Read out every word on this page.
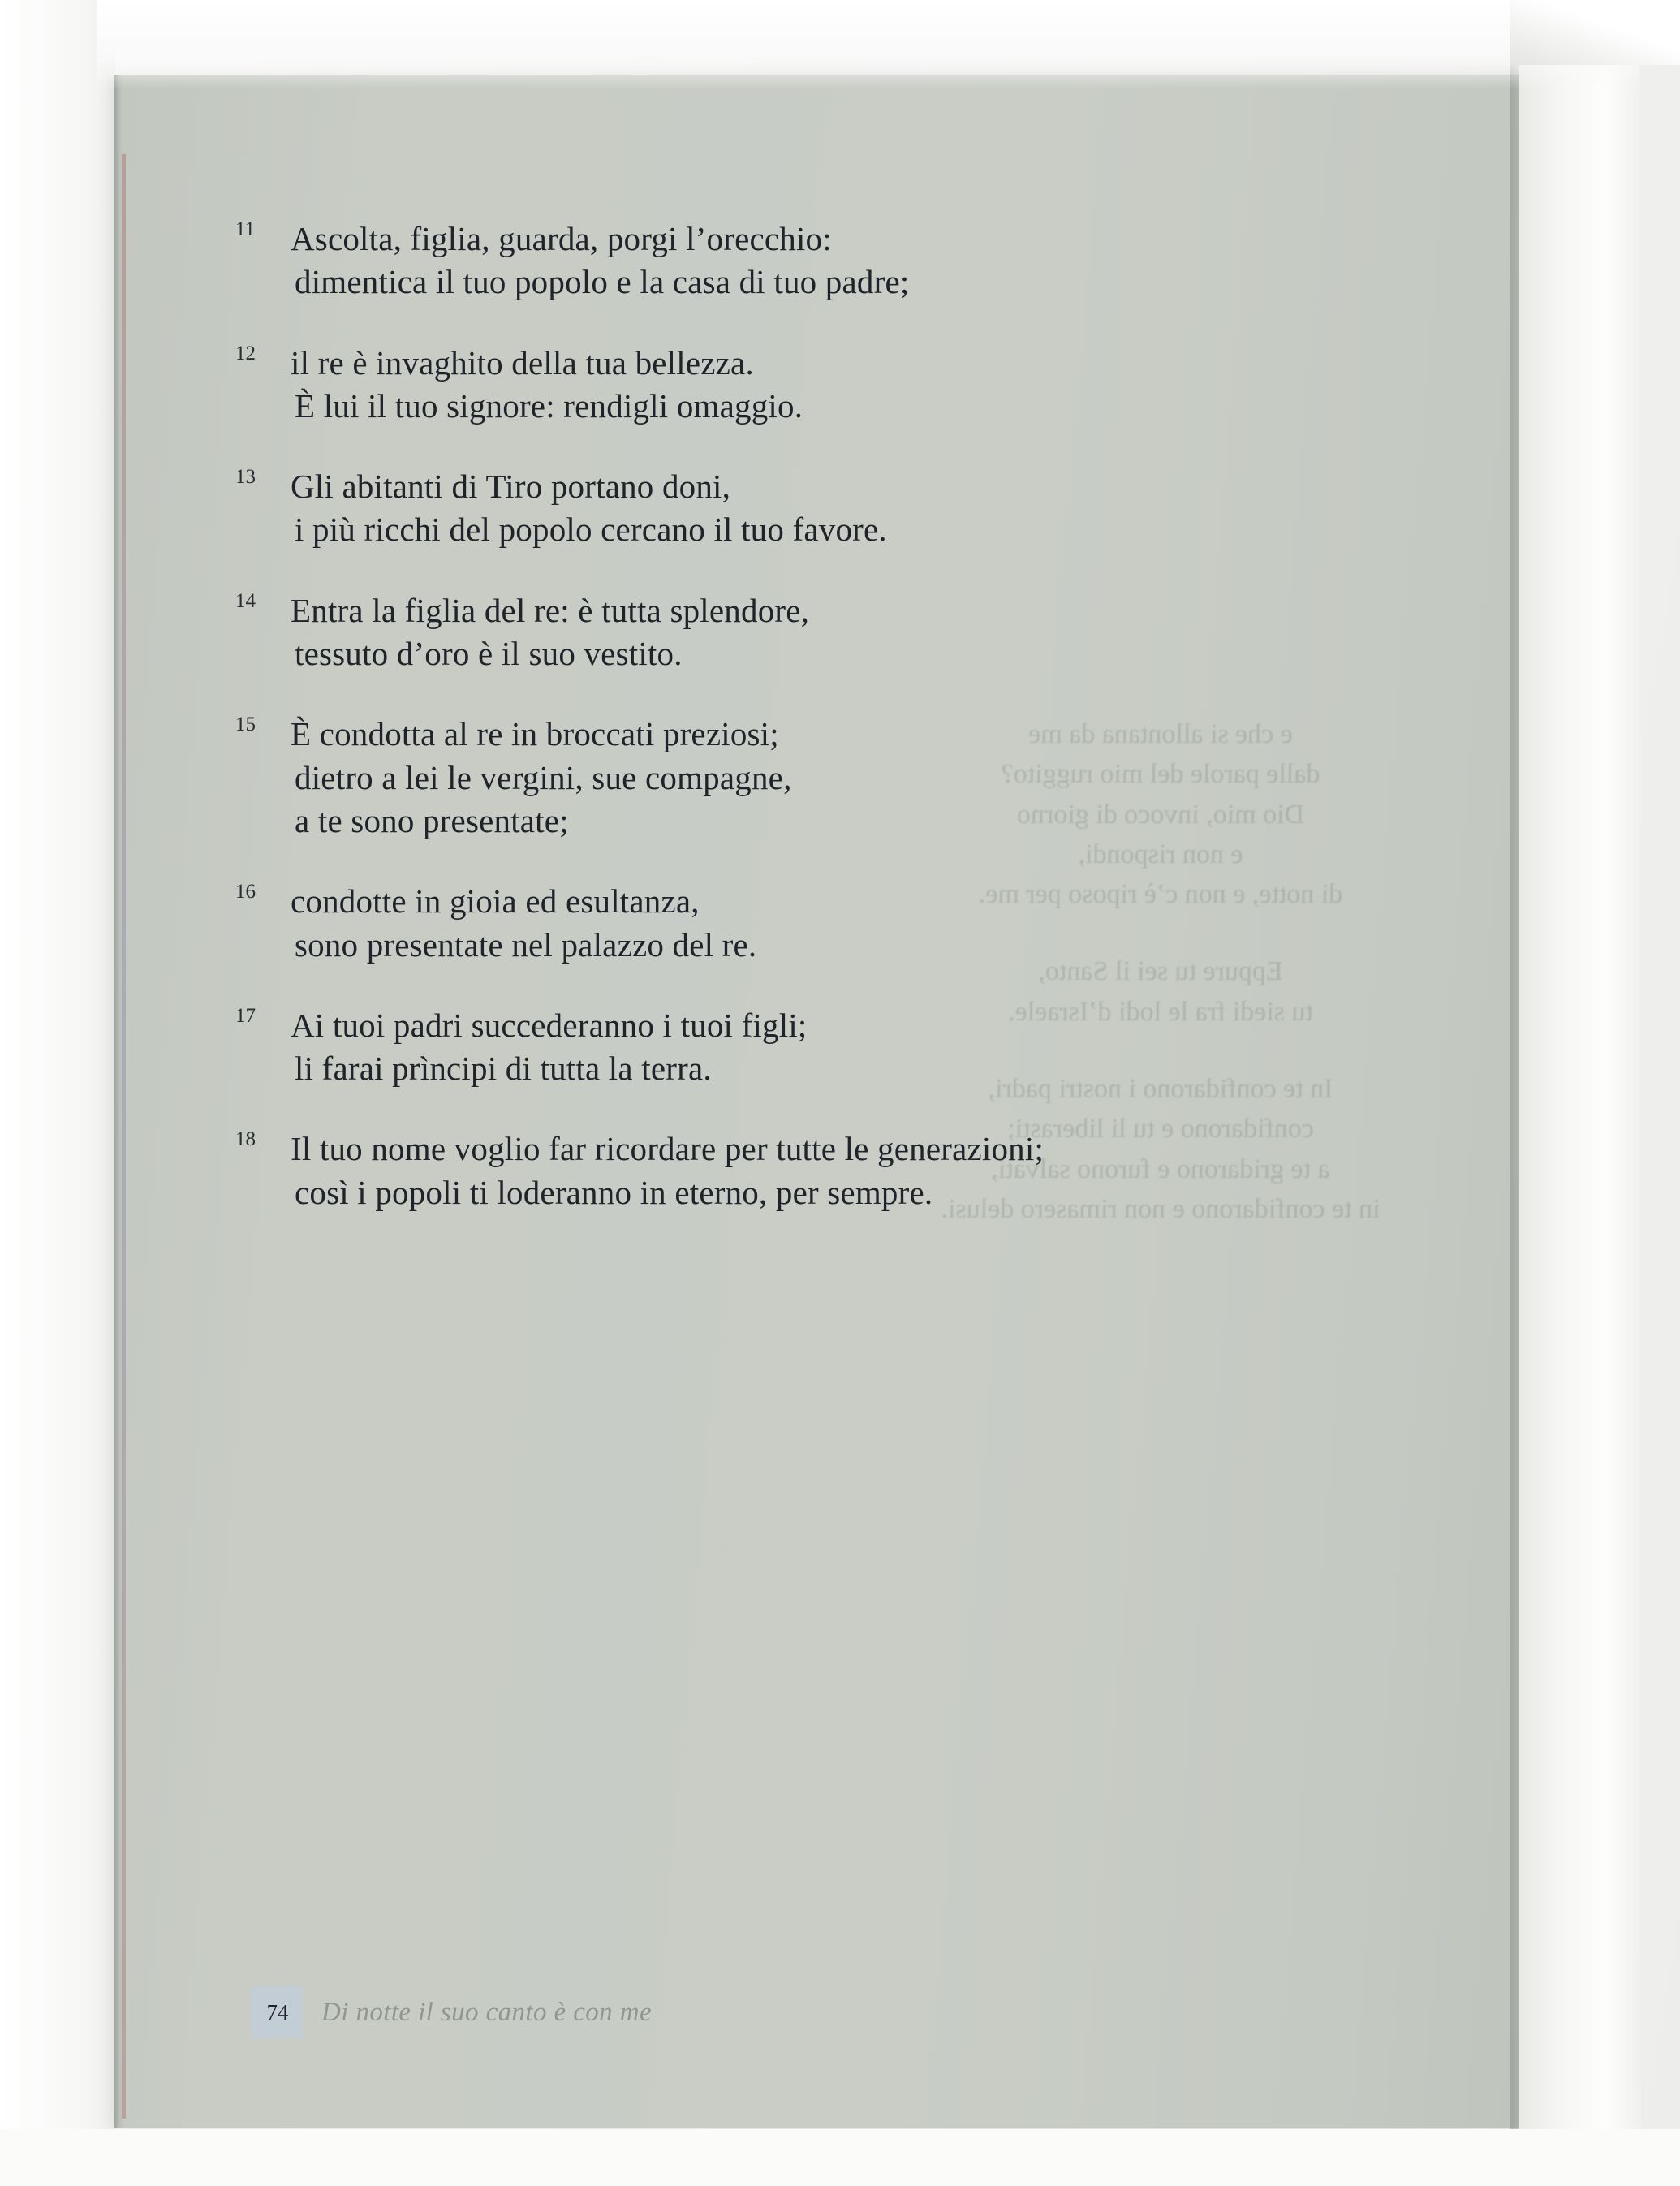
e che si allontana da me
dalle parole del mio ruggito?
Dio mio, invoco di giorno
e non rispondi,
di notte, e non c’è riposo per me.
Eppure tu sei il Santo,
tu siedi fra le lodi d’Israele.
In te confidarono i nostri padri,
confidarono e tu li liberasti;
a te gridarono e furono salvati,
in te confidarono e non rimasero delusi.
11 Ascolta, figlia, guarda, porgi l’orecchio:
dimentica il tuo popolo e la casa di tuo padre;
12 il re è invaghito della tua bellezza.
È lui il tuo signore: rendigli omaggio.
13 Gli abitanti di Tiro portano doni,
i più ricchi del popolo cercano il tuo favore.
14 Entra la figlia del re: è tutta splendore,
tessuto d’oro è il suo vestito.
15 È condotta al re in broccati preziosi;
dietro a lei le vergini, sue compagne,
a te sono presentate;
16 condotte in gioia ed esultanza,
sono presentate nel palazzo del re.
17 Ai tuoi padri succederanno i tuoi figli;
li farai prìncipi di tutta la terra.
18 Il tuo nome voglio far ricordare per tutte le generazioni;
così i popoli ti loderanno in eterno, per sempre.
74	Di notte il suo canto è con me
